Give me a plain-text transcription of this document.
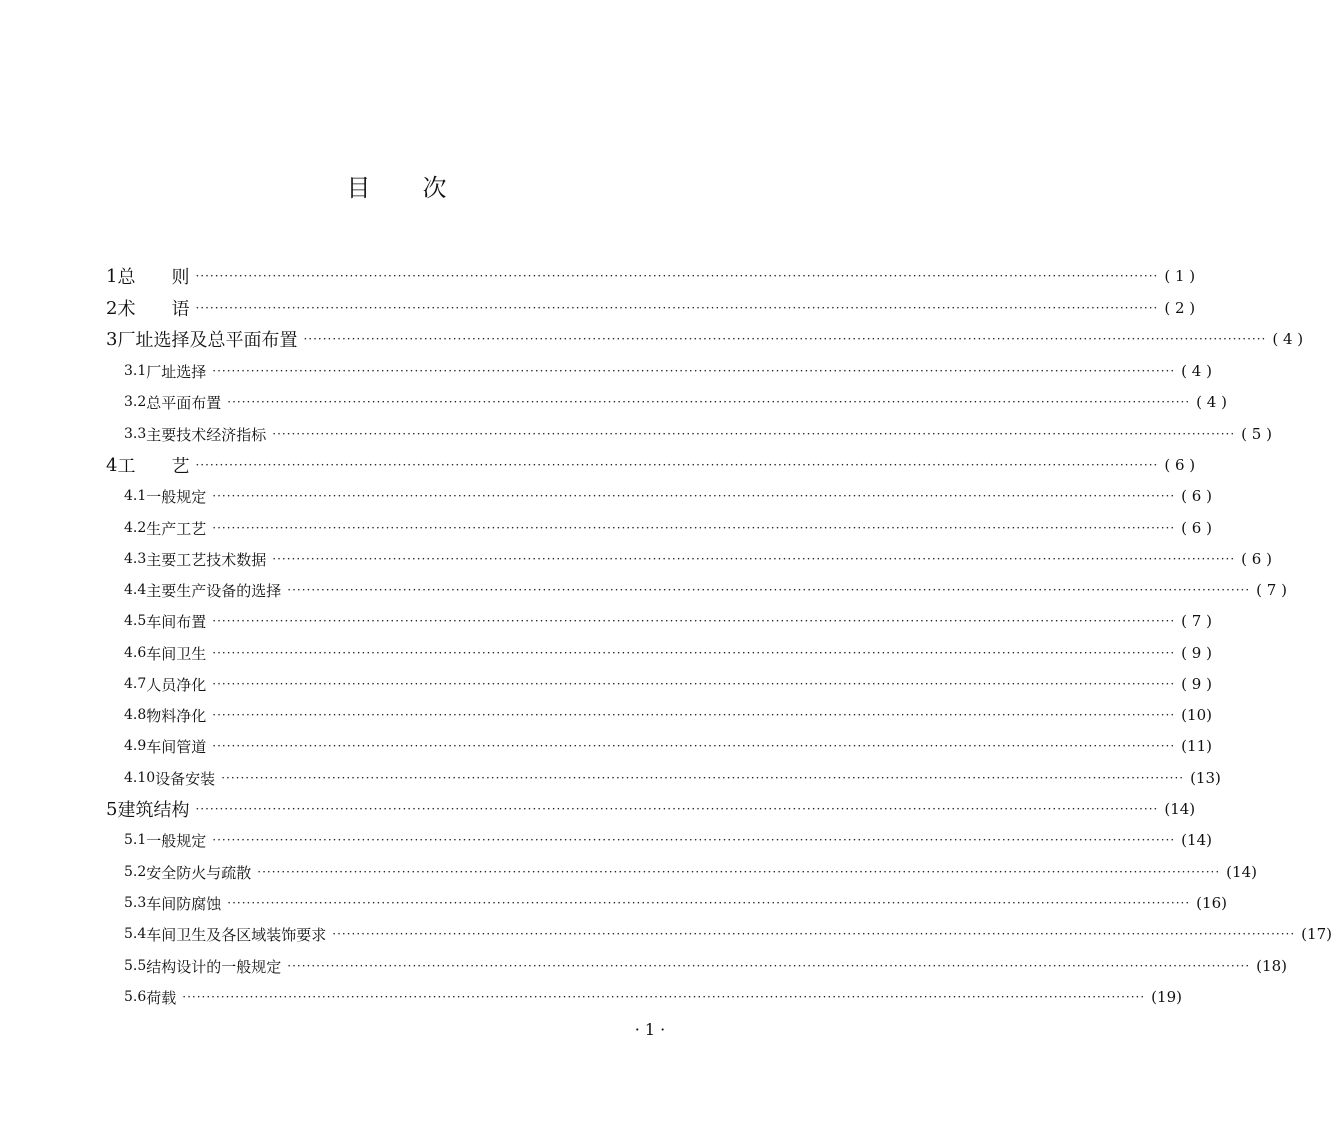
目 次
1 总　　则 ········································································································································································································ ( 1 )
2 术　　语 ········································································································································································································ ( 2 )
3 厂址选择及总平面布置 ········································································································································································································ ( 4 )
3.1 厂址选择 ········································································································································································································ ( 4 )
3.2 总平面布置 ········································································································································································································ ( 4 )
3.3 主要技术经济指标 ········································································································································································································ ( 5 )
4 工　　艺 ········································································································································································································ ( 6 )
4.1 一般规定 ········································································································································································································ ( 6 )
4.2 生产工艺 ········································································································································································································ ( 6 )
4.3 主要工艺技术数据 ········································································································································································································ ( 6 )
4.4 主要生产设备的选择 ········································································································································································································ ( 7 )
4.5 车间布置 ········································································································································································································ ( 7 )
4.6 车间卫生 ········································································································································································································ ( 9 )
4.7 人员净化 ········································································································································································································ ( 9 )
4.8 物料净化 ········································································································································································································ (10)
4.9 车间管道 ········································································································································································································ (11)
4.10 设备安装 ········································································································································································································ (13)
5 建筑结构 ········································································································································································································ (14)
5.1 一般规定 ········································································································································································································ (14)
5.2 安全防火与疏散 ········································································································································································································ (14)
5.3 车间防腐蚀 ········································································································································································································ (16)
5.4 车间卫生及各区域装饰要求 ········································································································································································································ (17)
5.5 结构设计的一般规定 ········································································································································································································ (18)
5.6 荷载 ········································································································································································································ (19)
· 1 ·
